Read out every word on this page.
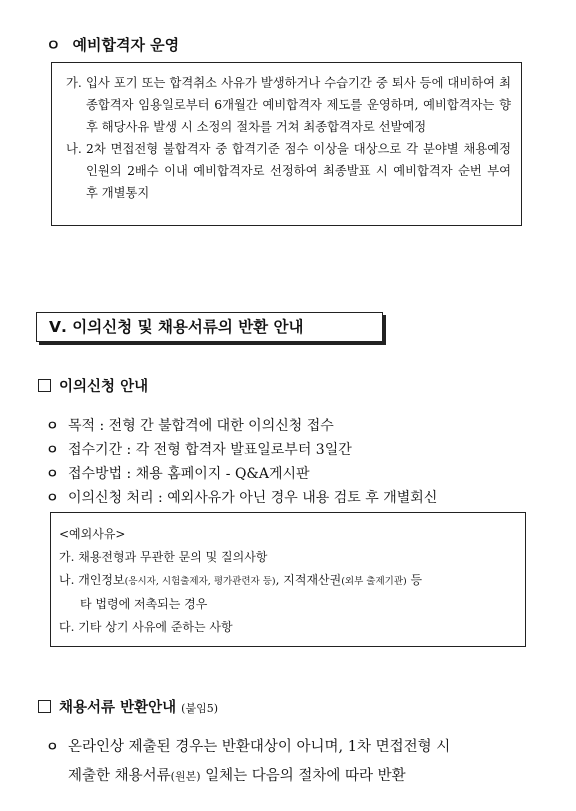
ㅇ 예비합격자 운영
가. 입사 포기 또는 합격취소 사유가 발생하거나 수습기간 중 퇴사 등에 대비하여 최종합격자 임용일로부터 6개월간 예비합격자 제도를 운영하며, 예비합격자는 향후 해당사유 발생 시 소정의 절차를 거쳐 최종합격자로 선발예정
나. 2차 면접전형 불합격자 중 합격기준 점수 이상을 대상으로 각 분야별 채용예정인원의 2배수 이내 예비합격자로 선정하여 최종발표 시 예비합격자 순번 부여 후 개별통지
Ⅴ. 이의신청 및 채용서류의 반환 안내
이의신청 안내
ㅇ 목적 : 전형 간 불합격에 대한 이의신청 접수
ㅇ 접수기간 : 각 전형 합격자 발표일로부터 3일간
ㅇ 접수방법 : 채용 홈페이지 - Q&A게시판
ㅇ 이의신청 처리 : 예외사유가 아닌 경우 내용 검토 후 개별회신
<예외사유>
가. 채용전형과 무관한 문의 및 질의사항
나. 개인정보(응시자, 시험출제자, 평가관련자 등), 지적재산권(외부 출제기관) 등
타 법령에 저촉되는 경우
다. 기타 상기 사유에 준하는 사항
채용서류 반환안내 (붙임5)
ㅇ 온라인상 제출된 경우는 반환대상이 아니며, 1차 면접전형 시
제출한 채용서류(원본) 일체는 다음의 절차에 따라 반환
